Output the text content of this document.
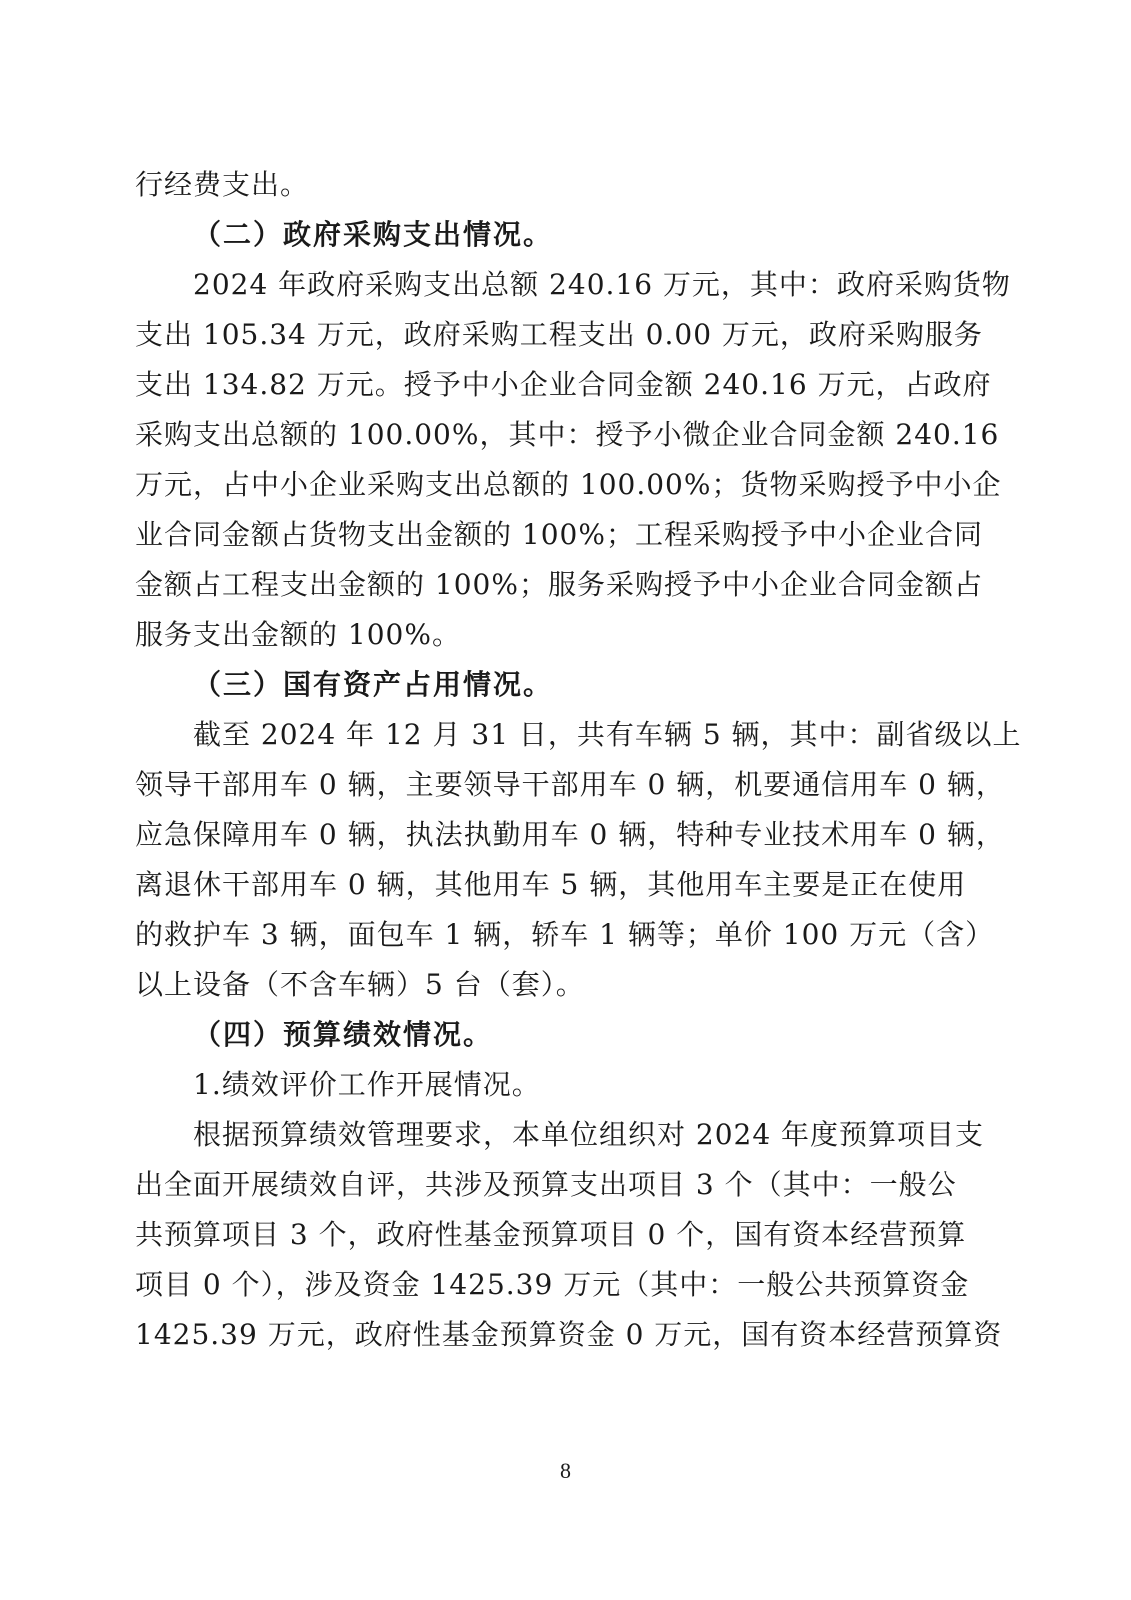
行经费支出。
（二）政府采购支出情况。
2024 年政府采购支出总额 240.16 万元，其中：政府采购货物
支出 105.34 万元，政府采购工程支出 0.00 万元，政府采购服务
支出 134.82 万元。授予中小企业合同金额 240.16 万元，占政府
采购支出总额的 100.00%，其中：授予小微企业合同金额 240.16
万元，占中小企业采购支出总额的 100.00%；货物采购授予中小企
业合同金额占货物支出金额的 100%；工程采购授予中小企业合同
金额占工程支出金额的 100%；服务采购授予中小企业合同金额占
服务支出金额的 100%。
（三）国有资产占用情况。
截至 2024 年 12 月 31 日，共有车辆 5 辆，其中：副省级以上
领导干部用车 0 辆，主要领导干部用车 0 辆，机要通信用车 0 辆，
应急保障用车 0 辆，执法执勤用车 0 辆，特种专业技术用车 0 辆，
离退休干部用车 0 辆，其他用车 5 辆，其他用车主要是正在使用
的救护车 3 辆，面包车 1 辆，轿车 1 辆等；单价 100 万元（含）
以上设备（不含车辆）5 台（套）。
（四）预算绩效情况。
1.绩效评价工作开展情况。
根据预算绩效管理要求，本单位组织对 2024 年度预算项目支
出全面开展绩效自评，共涉及预算支出项目 3 个（其中：一般公
共预算项目 3 个，政府性基金预算项目 0 个，国有资本经营预算
项目 0 个），涉及资金 1425.39 万元（其中：一般公共预算资金
1425.39 万元，政府性基金预算资金 0 万元，国有资本经营预算资
8
